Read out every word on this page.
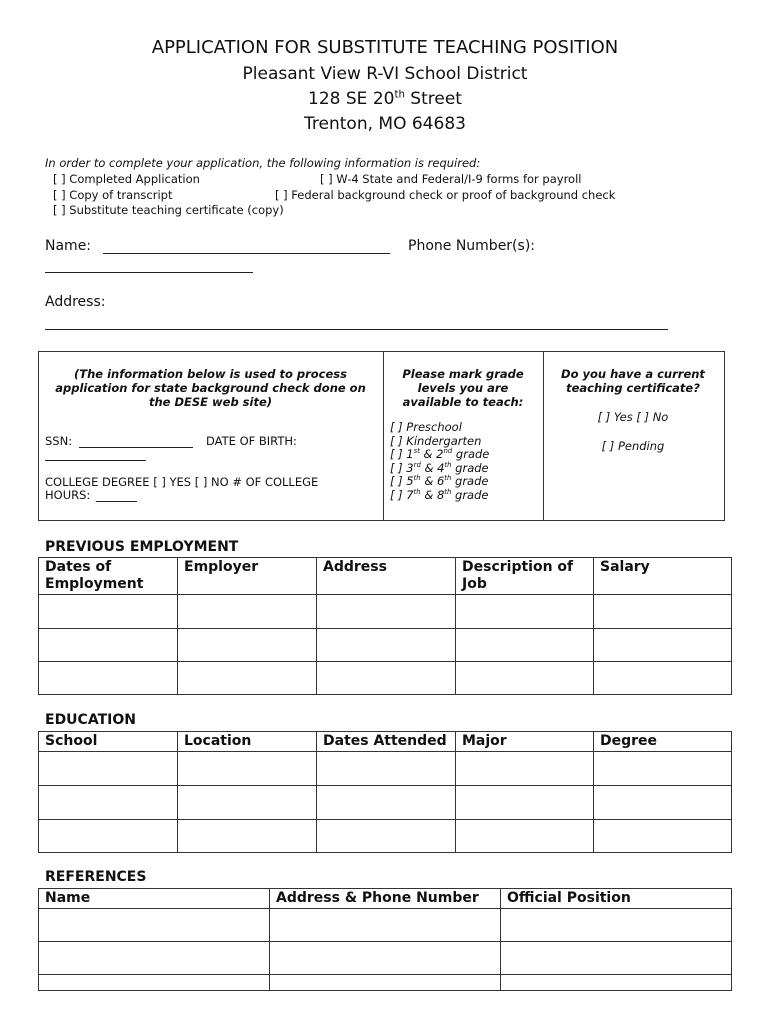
APPLICATION FOR SUBSTITUTE TEACHING POSITION
Pleasant View R-VI School District
128 SE 20th Street
Trenton, MO 64683
In order to complete your application, the following information is required:
[ ] Completed Application	[ ] W-4 State and Federal/I-9 forms for payroll
[ ] Copy of transcript	[ ] Federal background check or proof of background check
[ ] Substitute teaching certificate (copy)
Name:	Phone Number(s):
Address:
(The information below is used to process application for state background check done on the DESE web site)
SSN:	DATE OF BIRTH:
COLLEGE DEGREE [ ] YES [ ] NO # OF COLLEGE
HOURS:
Please mark grade levels you are available to teach:
[ ] Preschool
[ ] Kindergarten
[ ] 1st & 2nd grade
[ ] 3rd & 4th grade
[ ] 5th & 6th grade
[ ] 7th & 8th grade
Do you have a current teaching certificate?
[ ] Yes [ ] No
[ ] Pending
PREVIOUS EMPLOYMENT
Dates of Employment	Employer	Address	Description of Job	Salary

EDUCATION
School	Location	Dates Attended	Major	Degree

REFERENCES
Name	Address & Phone Number	Official Position
